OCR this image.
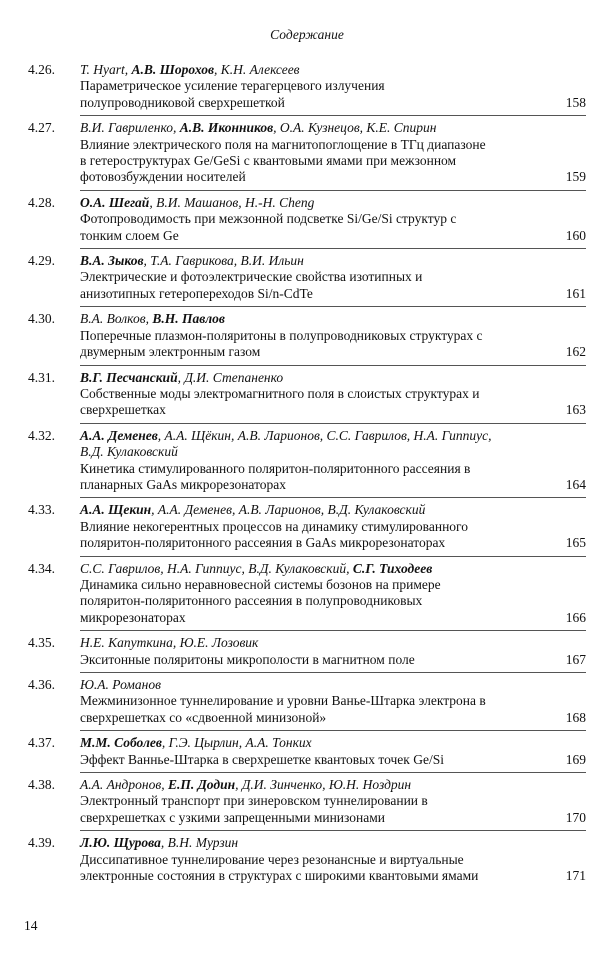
Содержание
4.26. T. Hyart, А.В. Шорохов, К.Н. Алексеев
Параметрическое усиление терагерцевого излучения
полупроводниковой сверхрешеткой	158
4.27. В.И. Гавриленко, А.В. Иконников, О.А. Кузнецов, К.Е. Спирин
Влияние электрического поля на магнитопоглощение в ТГц диапазоне
в гетероструктурах Ge/GeSi с квантовыми ямами при межзонном
фотовозбуждении носителей	159
4.28. О.А. Шегай, В.И. Машанов, Н.-Н. Cheng
Фотопроводимость при межзонной подсветке Si/Ge/Si структур с
тонким слоем Ge	160
4.29. В.А. Зыков, Т.А. Гаврикова, В.И. Ильин
Электрические и фотоэлектрические свойства изотипных и
анизотипных гетеропереходов Si/n-CdTe	161
4.30. В.А. Волков, В.Н. Павлов
Поперечные плазмон-поляритоны в полупроводниковых структурах с
двумерным электронным газом	162
4.31. В.Г. Песчанский, Д.И. Степаненко
Собственные моды электромагнитного поля в слоистых структурах и
сверхрешетках	163
4.32. А.А. Деменев, А.А. Щёкин, А.В. Ларионов, С.С. Гаврилов, Н.А. Гиппиус,
В.Д. Кулаковский
Кинетика стимулированного поляритон-поляритонного рассеяния в
планарных GaAs микрорезонаторах	164
4.33. А.А. Щекин, А.А. Деменев, А.В. Ларионов, В.Д. Кулаковский
Влияние некогерентных процессов на динамику стимулированного
поляритон-поляритонного рассеяния в GaAs микрорезонаторах	165
4.34. С.С. Гаврилов, Н.А. Гиппиус, В.Д. Кулаковский, С.Г. Тиходеев
Динамика сильно неравновесной системы бозонов на примере
поляритон-поляритонного рассеяния в полупроводниковых
микрорезонаторах	166
4.35. Н.Е. Капуткина, Ю.Е. Лозовик
Экситонные поляритоны микрополости в магнитном поле	167
4.36. Ю.А. Романов
Межминизонное туннелирование и уровни Ванье-Штарка электрона в
сверхрешетках со «сдвоенной минизоной»	168
4.37. М.М. Соболев, Г.Э. Цырлин, А.А. Тонких
Эффект Ванньe-Штарка в сверхрешетке квантовых точек Ge/Si	169
4.38. А.А. Андронов, Е.П. Додин, Д.И. Зинченко, Ю.Н. Ноздрин
Электронный транспорт при зинеровском туннелировании в
сверхрешетках с узкими запрещенными минизонами	170
4.39. Л.Ю. Щурова, В.Н. Мурзин
Диссипативное туннелирование через резонансные и виртуальные
электронные состояния в структурах с широкими квантовыми ямами	171
14
